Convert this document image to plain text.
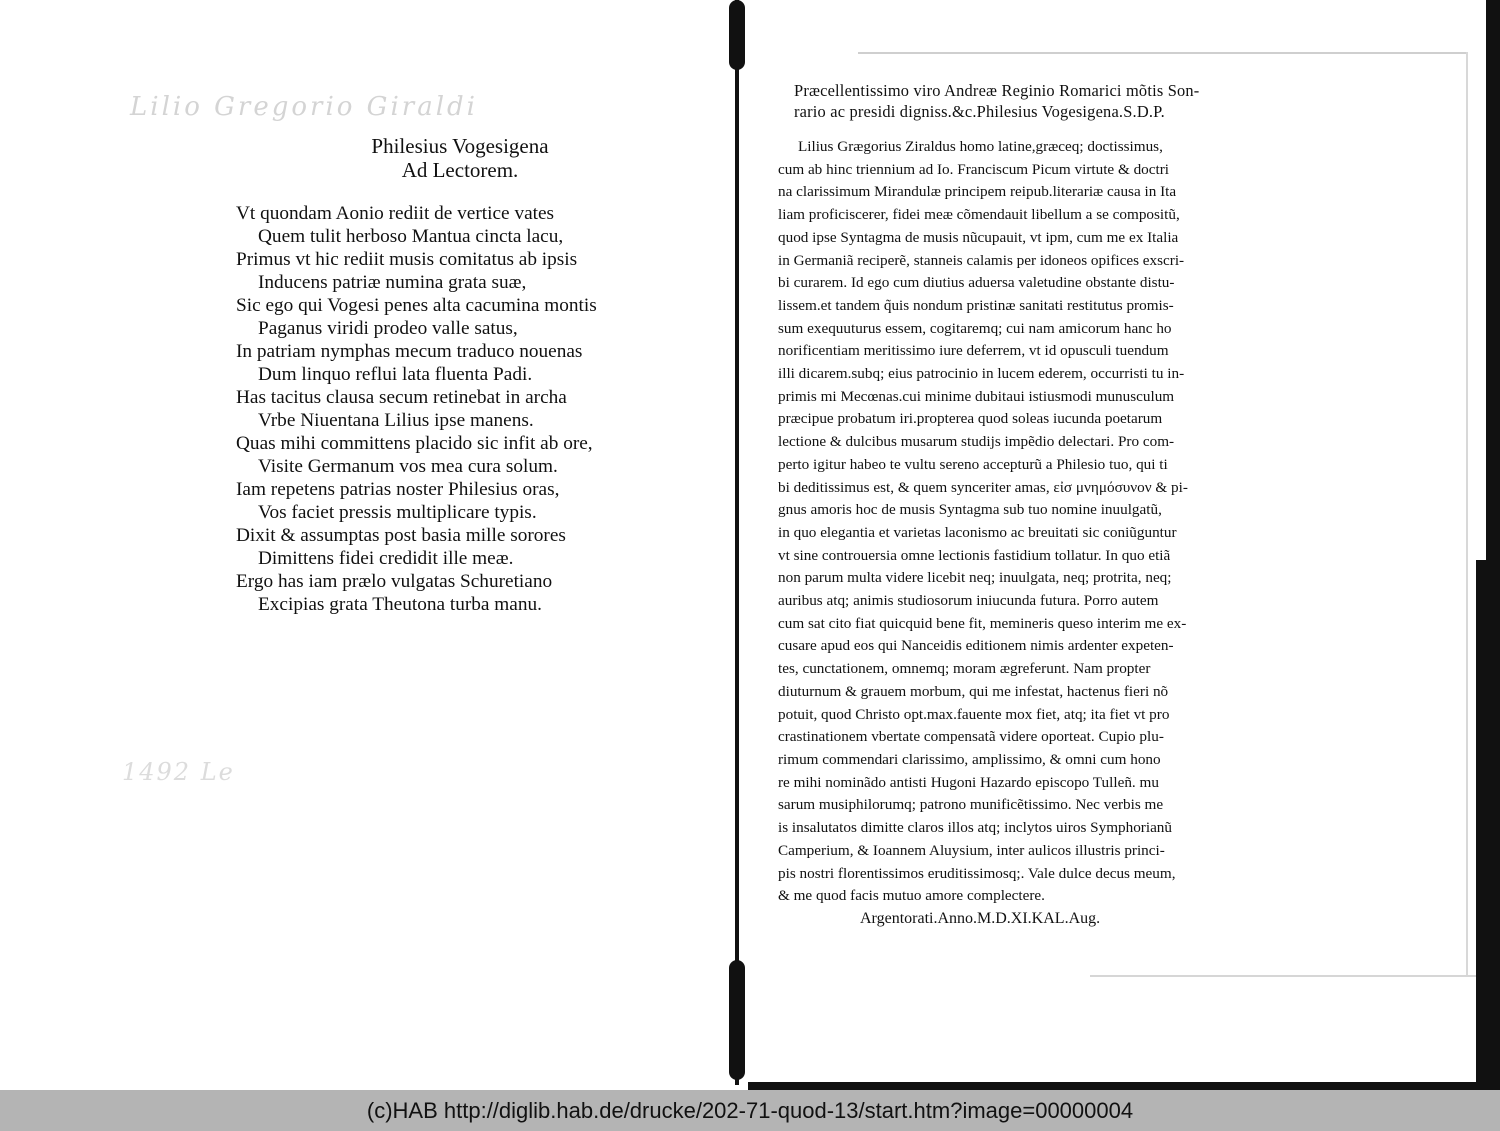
Lilio Gregorio Giraldi
1492 Le
Philesius Vogesigena
Ad Lectorem.
Vt quondam Aonio rediit de vertice vates
Quem tulit herboso Mantua cincta lacu,
Primus vt hic rediit musis comitatus ab ipsis
Inducens patriæ numina grata suæ,
Sic ego qui Vogesi penes alta cacumina montis
Paganus viridi prodeo valle satus,
In patriam nymphas mecum traduco nouenas
Dum linquo reflui lata fluenta Padi.
Has tacitus clausa secum retinebat in archa
Vrbe Niuentana Lilius ipse manens.
Quas mihi committens placido sic infit ab ore,
Visite Germanum vos mea cura solum.
Iam repetens patrias noster Philesius oras,
Vos faciet pressis multiplicare typis.
Dixit & assumptas post basia mille sorores
Dimittens fidei credidit ille meæ.
Ergo has iam prælo vulgatas Schuretiano
Excipias grata Theutona turba manu.
Præcellentissimo viro Andreæ Reginio Romarici mõtis Son-
rario ac presidi digniss.&c.Philesius Vogesigena.S.D.P.
Lilius Grægorius Ziraldus homo latine,græceq; doctissimus,
cum ab hinc triennium ad Io. Franciscum Picum virtute & doctri
na clarissimum Mirandulæ principem reipub.literariæ causa in Ita
liam proficiscerer, fidei meæ cõmendauit libellum a se compositũ,
quod ipse Syntagma de musis nũcupauit, vt ipm, cum me ex Italia
in Germaniã reciperẽ, stanneis calamis per idoneos opifices exscri-
bi curarem. Id ego cum diutius aduersa valetudine obstante distu-
lissem.et tandem q̃uis nondum pristinæ sanitati restitutus promis-
sum exequuturus essem, cogitaremq; cui nam amicorum hanc ho
norificentiam meritissimo iure deferrem, vt id opusculi tuendum
illi dicarem.subq; eius patrocinio in lucem ederem, occurristi tu in-
primis mi Mecœnas.cui minime dubitaui istiusmodi munusculum
præcipue probatum iri.propterea quod soleas iucunda poetarum
lectione & dulcibus musarum studijs impẽdio delectari. Pro com-
perto igitur habeo te vultu sereno accepturũ a Philesio tuo, qui ti
bi deditissimus est, & quem synceriter amas, εἰσ μνημόσυνον & pi-
gnus amoris hoc de musis Syntagma sub tuo nomine inuulgatũ,
in quo elegantia et varietas laconismo ac breuitati sic coniũguntur
vt sine controuersia omne lectionis fastidium tollatur. In quo etiã
non parum multa videre licebit neq; inuulgata, neq; protrita, neq;
auribus atq; animis studiosorum iniucunda futura. Porro autem
cum sat cito fiat quicquid bene fit, memineris queso interim me ex-
cusare apud eos qui Nanceidis editionem nimis ardenter expeten-
tes, cunctationem, omnemq; moram ægreferunt. Nam propter
diuturnum & grauem morbum, qui me infestat, hactenus fieri nõ
potuit, quod Christo opt.max.fauente mox fiet, atq; ita fiet vt pro
crastinationem vbertate compensatã videre oporteat. Cupio plu-
rimum commendari clarissimo, amplissimo, & omni cum hono
re mihi nominãdo antisti Hugoni Hazardo episcopo Tulleñ. mu
sarum musiphilorumq; patrono munificẽtissimo. Nec verbis me
is insalutatos dimitte claros illos atq; inclytos uiros Symphorianũ
Camperium, & Ioannem Aluysium, inter aulicos illustris princi-
pis nostri florentissimos eruditissimosq;. Vale dulce decus meum,
& me quod facis mutuo amore complectere.
Argentorati.Anno.M.D.XI.KAL.Aug.
(c)HAB http://diglib.hab.de/drucke/202-71-quod-13/start.htm?image=00000004
